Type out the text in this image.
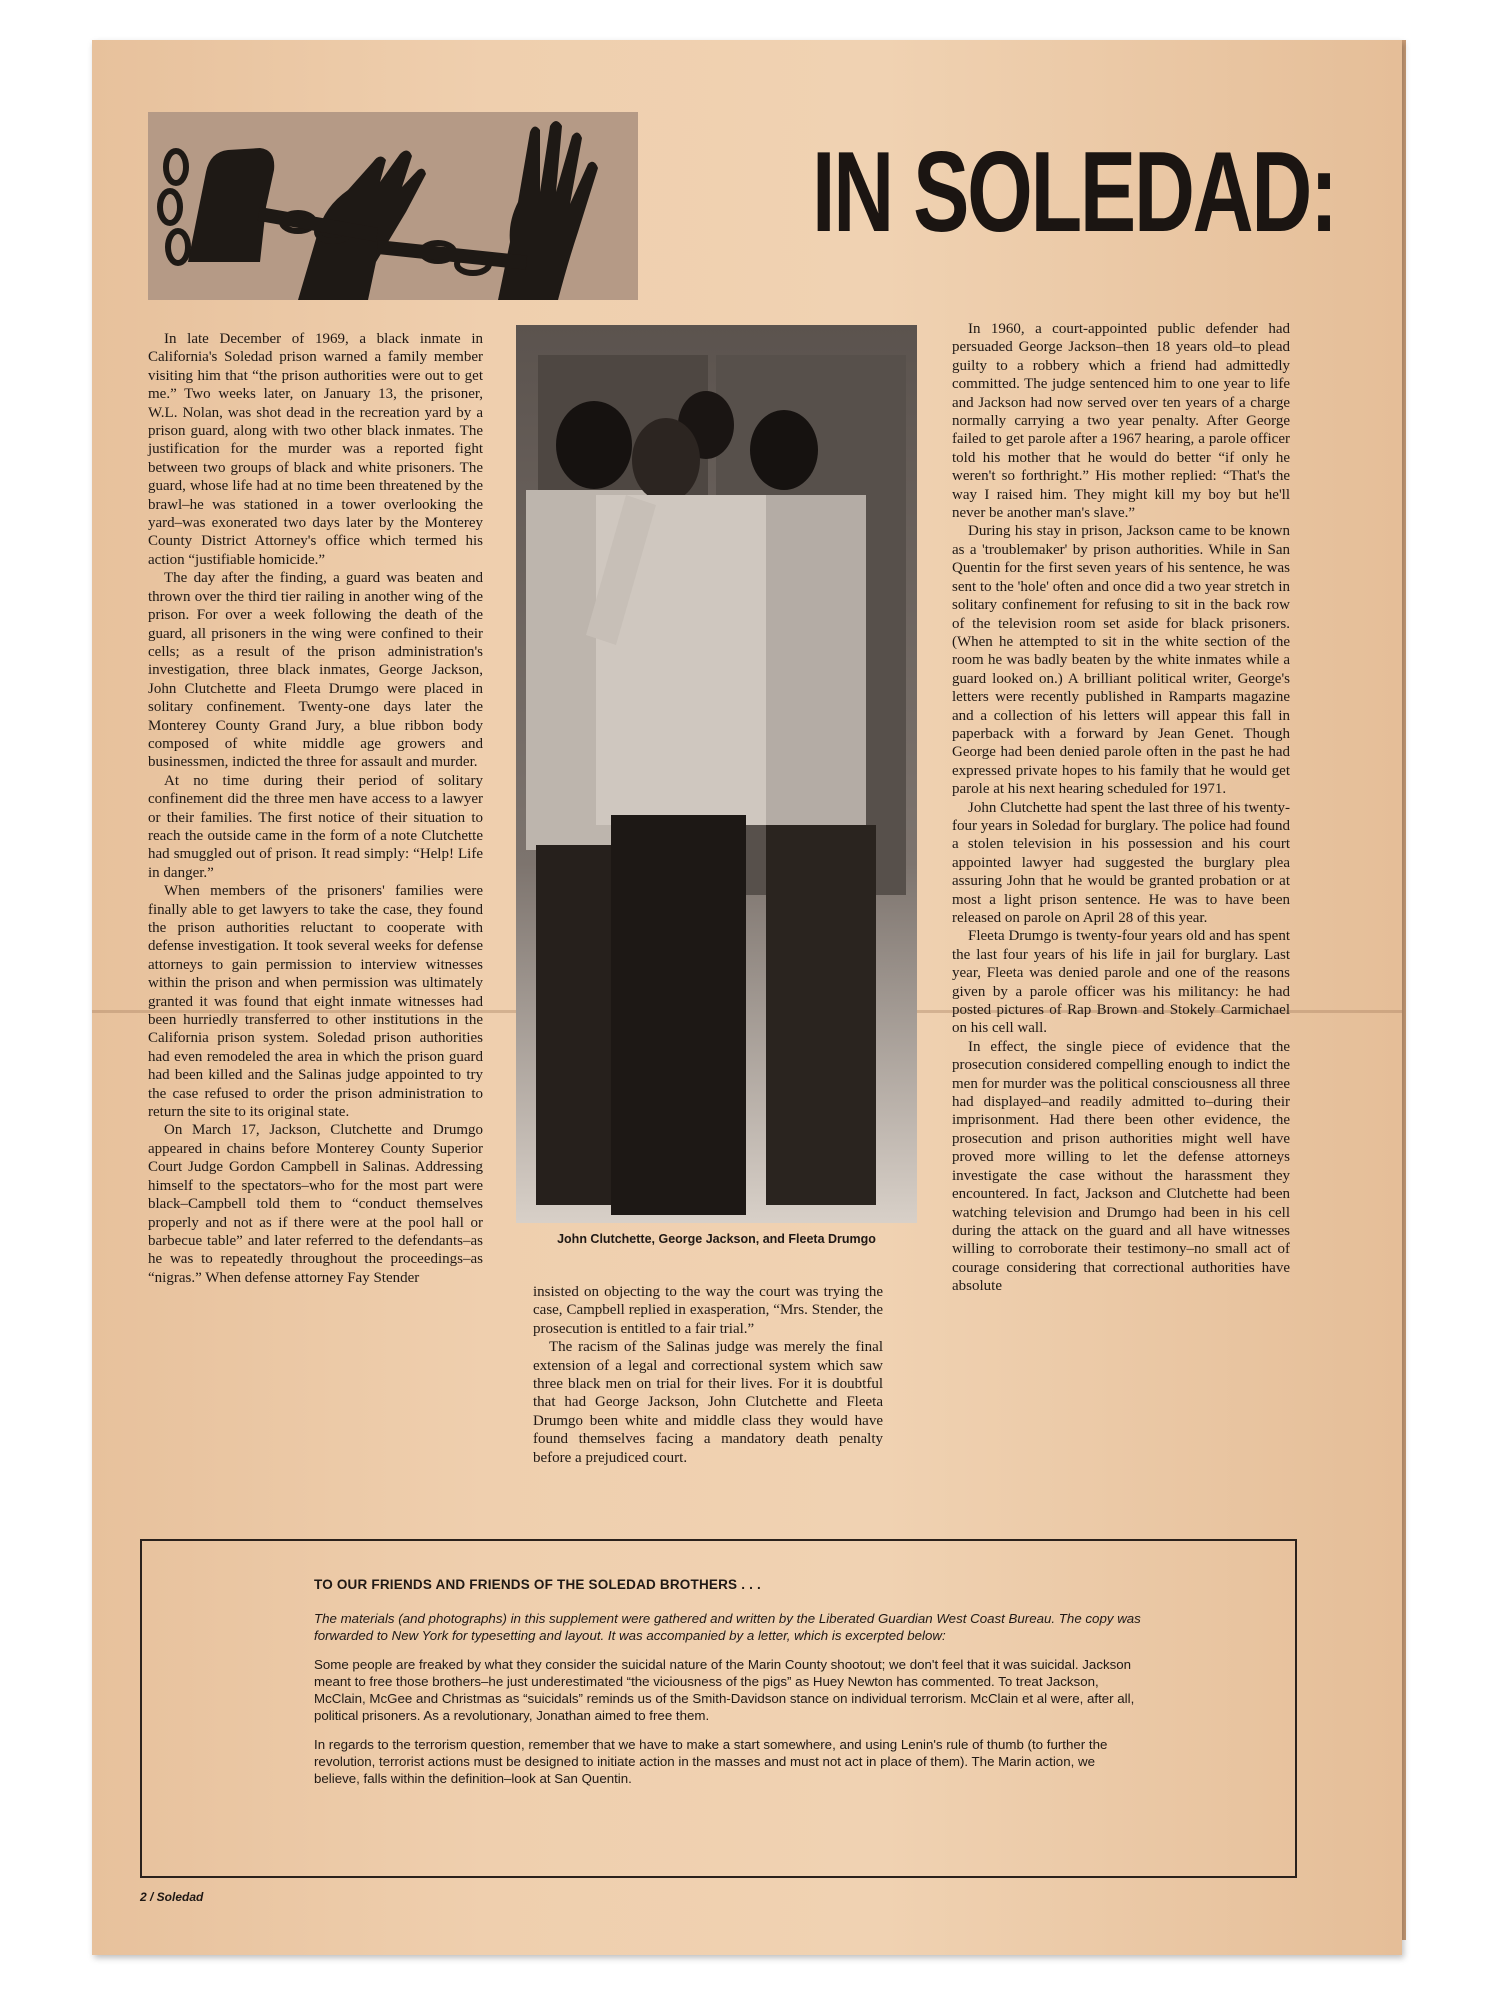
IN SOLEDAD:

In late December of 1969, a black inmate in California's Soledad prison warned a family member visiting him that “the prison authorities were out to get me.” Two weeks later, on January 13, the prisoner, W.L. Nolan, was shot dead in the recreation yard by a prison guard, along with two other black inmates. The justification for the murder was a reported fight between two groups of black and white prisoners. The guard, whose life had at no time been threatened by the brawl–he was stationed in a tower overlooking the yard–was exonerated two days later by the Monterey County District Attorney's office which termed his action “justifiable homicide.”

The day after the finding, a guard was beaten and thrown over the third tier railing in another wing of the prison. For over a week following the death of the guard, all prisoners in the wing were confined to their cells; as a result of the prison administration's investigation, three black inmates, George Jackson, John Clutchette and Fleeta Drumgo were placed in solitary confinement. Twenty-one days later the Monterey County Grand Jury, a blue ribbon body composed of white middle age growers and businessmen, indicted the three for assault and murder.

At no time during their period of solitary confinement did the three men have access to a lawyer or their families. The first notice of their situation to reach the outside came in the form of a note Clutchette had smuggled out of prison. It read simply: “Help! Life in danger.”

When members of the prisoners' families were finally able to get lawyers to take the case, they found the prison authorities reluctant to cooperate with defense investigation. It took several weeks for defense attorneys to gain permission to interview witnesses within the prison and when permission was ultimately granted it was found that eight inmate witnesses had been hurriedly transferred to other institutions in the California prison system. Soledad prison authorities had even remodeled the area in which the prison guard had been killed and the Salinas judge appointed to try the case refused to order the prison administration to return the site to its original state.

On March 17, Jackson, Clutchette and Drumgo appeared in chains before Monterey County Superior Court Judge Gordon Campbell in Salinas. Addressing himself to the spectators–who for the most part were black–Campbell told them to “conduct themselves properly and not as if there were at the pool hall or barbecue table” and later referred to the defendants–as he was to repeatedly throughout the proceedings–as “nigras.” When defense attorney Fay Stender

John Clutchette, George Jackson, and Fleeta Drumgo

insisted on objecting to the way the court was trying the case, Campbell replied in exasperation, “Mrs. Stender, the prosecution is entitled to a fair trial.”

The racism of the Salinas judge was merely the final extension of a legal and correctional system which saw three black men on trial for their lives. For it is doubtful that had George Jackson, John Clutchette and Fleeta Drumgo been white and middle class they would have found themselves facing a mandatory death penalty before a prejudiced court.

In 1960, a court-appointed public defender had persuaded George Jackson–then 18 years old–to plead guilty to a robbery which a friend had admittedly committed. The judge sentenced him to one year to life and Jackson had now served over ten years of a charge normally carrying a two year penalty. After George failed to get parole after a 1967 hearing, a parole officer told his mother that he would do better “if only he weren't so forthright.” His mother replied: “That's the way I raised him. They might kill my boy but he'll never be another man's slave.”

During his stay in prison, Jackson came to be known as a 'troublemaker' by prison authorities. While in San Quentin for the first seven years of his sentence, he was sent to the 'hole' often and once did a two year stretch in solitary confinement for refusing to sit in the back row of the television room set aside for black prisoners. (When he attempted to sit in the white section of the room he was badly beaten by the white inmates while a guard looked on.) A brilliant political writer, George's letters were recently published in Ramparts magazine and a collection of his letters will appear this fall in paperback with a forward by Jean Genet. Though George had been denied parole often in the past he had expressed private hopes to his family that he would get parole at his next hearing scheduled for 1971.

John Clutchette had spent the last three of his twenty-four years in Soledad for burglary. The police had found a stolen television in his possession and his court appointed lawyer had suggested the burglary plea assuring John that he would be granted probation or at most a light prison sentence. He was to have been released on parole on April 28 of this year.

Fleeta Drumgo is twenty-four years old and has spent the last four years of his life in jail for burglary. Last year, Fleeta was denied parole and one of the reasons given by a parole officer was his militancy: he had posted pictures of Rap Brown and Stokely Carmichael on his cell wall.

In effect, the single piece of evidence that the prosecution considered compelling enough to indict the men for murder was the political consciousness all three had displayed–and readily admitted to–during their imprisonment. Had there been other evidence, the prosecution and prison authorities might well have proved more willing to let the defense attorneys investigate the case without the harassment they encountered. In fact, Jackson and Clutchette had been watching television and Drumgo had been in his cell during the attack on the guard and all have witnesses willing to corroborate their testimony–no small act of courage considering that correctional authorities have absolute

TO OUR FRIENDS AND FRIENDS OF THE SOLEDAD BROTHERS . . .
The materials (and photographs) in this supplement were gathered and written by the Liberated Guardian West Coast Bureau. The copy was forwarded to New York for typesetting and layout. It was accompanied by a letter, which is excerpted below:
Some people are freaked by what they consider the suicidal nature of the Marin County shootout; we don't feel that it was suicidal. Jackson meant to free those brothers–he just underestimated “the viciousness of the pigs” as Huey Newton has commented. To treat Jackson, McClain, McGee and Christmas as “suicidals” reminds us of the Smith-Davidson stance on individual terrorism. McClain et al were, after all, political prisoners. As a revolutionary, Jonathan aimed to free them.
In regards to the terrorism question, remember that we have to make a start somewhere, and using Lenin's rule of thumb (to further the revolution, terrorist actions must be designed to initiate action in the masses and must not act in place of them). The Marin action, we believe, falls within the definition–look at San Quentin.
2 / Soledad
